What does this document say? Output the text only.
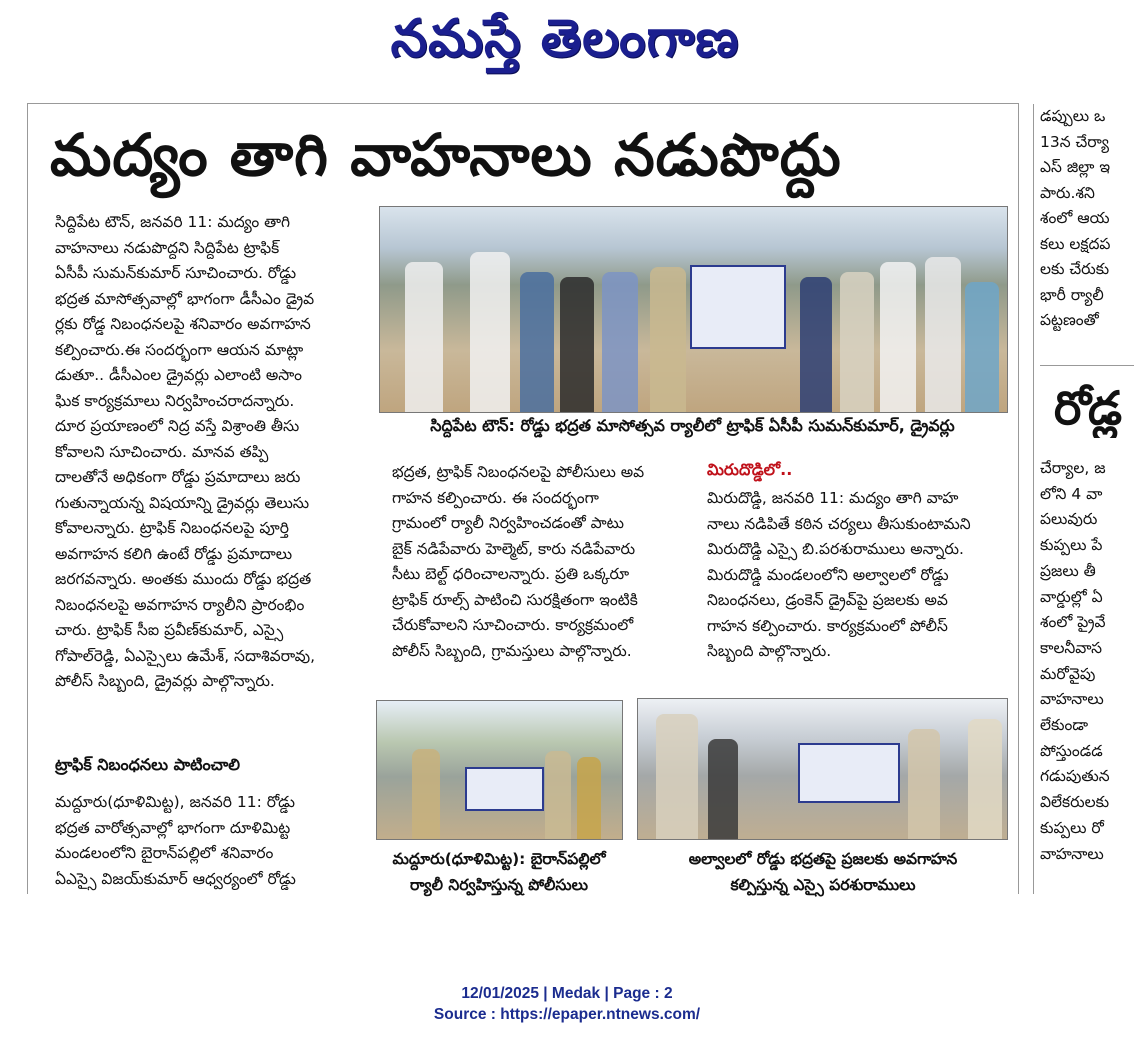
నమస్తే తెలంగాణ
మద్యం తాగి వాహనాలు నడుపొద్దు
సిద్దిపేట టౌన్, జనవరి 11: మద్యం తాగి
వాహనాలు నడుపొద్దని సిద్దిపేట ట్రాఫిక్
ఏసీపీ సుమన్‌కుమార్ సూచించారు. రోడ్డు
భద్రత మాసోత్సవాల్లో భాగంగా డీసీఎం డ్రైవ
ర్లకు రోడ్డ నిబంధనలపై శనివారం అవగాహన
కల్పించారు.ఈ సందర్భంగా ఆయన మాట్లా
డుతూ.. డీసీఎంల డ్రైవర్లు ఎలాంటి అసాం
ఘిక కార్యక్రమాలు నిర్వహించరాదన్నారు.
దూర ప్రయాణంలో నిద్ర వస్తే విశ్రాంతి తీసు
కోవాలని సూచించారు. మానవ తప్పి
దాలతోనే అధికంగా రోడ్డు ప్రమాదాలు జరు
గుతున్నాయన్న విషయాన్ని డ్రైవర్లు తెలుసు
కోవాలన్నారు. ట్రాఫిక్ నిబంధనలపై పూర్తి
అవగాహన కలిగి ఉంటే రోడ్డు ప్రమాదాలు
జరగవన్నారు. అంతకు ముందు రోడ్డు భద్రత
నిబంధనలపై అవగాహన ర్యాలీని ప్రారంభిం
చారు. ట్రాఫిక్ సీఐ ప్రవీణ్‌కుమార్, ఎస్సై
గోపాల్‌రెడ్డి, ఏఎస్సైలు ఉమేశ్, సదాశివరావు,
పోలీస్ సిబ్బంది, డ్రైవర్లు పాల్గొన్నారు.
ట్రాఫిక్ నిబంధనలు పాటించాలి
మద్దూరు(ధూళిమిట్ట), జనవరి 11: రోడ్డు
భద్రత వారోత్సవాల్లో భాగంగా దూళిమిట్ట
మండలంలోని బైరాన్‌పల్లిలో శనివారం
ఏఎస్సై విజయ్‌కుమార్ ఆధ్వర్యంలో రోడ్డు
సిద్దిపేట టౌన్: రోడ్డు భద్రత మాసోత్సవ ర్యాలీలో ట్రాఫిక్ ఏసీపీ సుమన్‌కుమార్, డ్రైవర్లు
భద్రత, ట్రాఫిక్ నిబంధనలపై పోలీసులు అవ
గాహన కల్పించారు. ఈ సందర్భంగా
గ్రామంలో ర్యాలీ నిర్వహించడంతో పాటు
బైక్ నడిపేవారు హెల్మెట్, కారు నడిపేవారు
సీటు బెల్ట్ ధరించాలన్నారు. ప్రతి ఒక్కరూ
ట్రాఫిక్ రూల్స్ పాటించి సురక్షితంగా ఇంటికి
చేరుకోవాలని సూచించారు. కార్యక్రమంలో
పోలీస్ సిబ్బంది, గ్రామస్తులు పాల్గొన్నారు.
మిరుదొడ్డిలో..
మిరుదొడ్డి, జనవరి 11: మద్యం తాగి వాహ
నాలు నడిపితే కఠిన చర్యలు తీసుకుంటామని
మిరుదొడ్డి ఎస్సై బి.పరశురాములు అన్నారు.
మిరుదొడ్డి మండలంలోని అల్వాలలో రోడ్డు
నిబంధనలు, డ్రంకెన్ డ్రైవ్‌పై ప్రజలకు అవ
గాహన కల్పించారు. కార్యక్రమంలో పోలీస్
సిబ్బంది పాల్గొన్నారు.
మద్దూరు(ధూళిమిట్ట): బైరాన్‌పల్లిలో
ర్యాలీ నిర్వహిస్తున్న పోలీసులు
అల్వాలలో రోడ్డు భద్రతపై ప్రజలకు అవగాహన
కల్పిస్తున్న ఎస్సై పరశురాములు
డప్పులు ఒ
13న చేర్యా
ఎస్ జిల్లా ఇ
పారు.శని
శంలో ఆయ
కలు లక్షదప
లకు చేరుకు
భారీ ర్యాలీ
పట్టణంతో
రోడ్ల
చేర్యాల, జ
లోని 4 వా
పలువురు
కుప్పలు పే
ప్రజలు తీ
వార్డుల్లో ఏ
శంలో ప్రైవే
కాలనీవాస
మరోవైపు
వాహనాలు
లేకుండా
పోస్తుండడ
గడుపుతున
విలేకరులకు
కుప్పలు రో
వాహనాలు
12/01/2025 | Medak | Page : 2
Source : https://epaper.ntnews.com/
